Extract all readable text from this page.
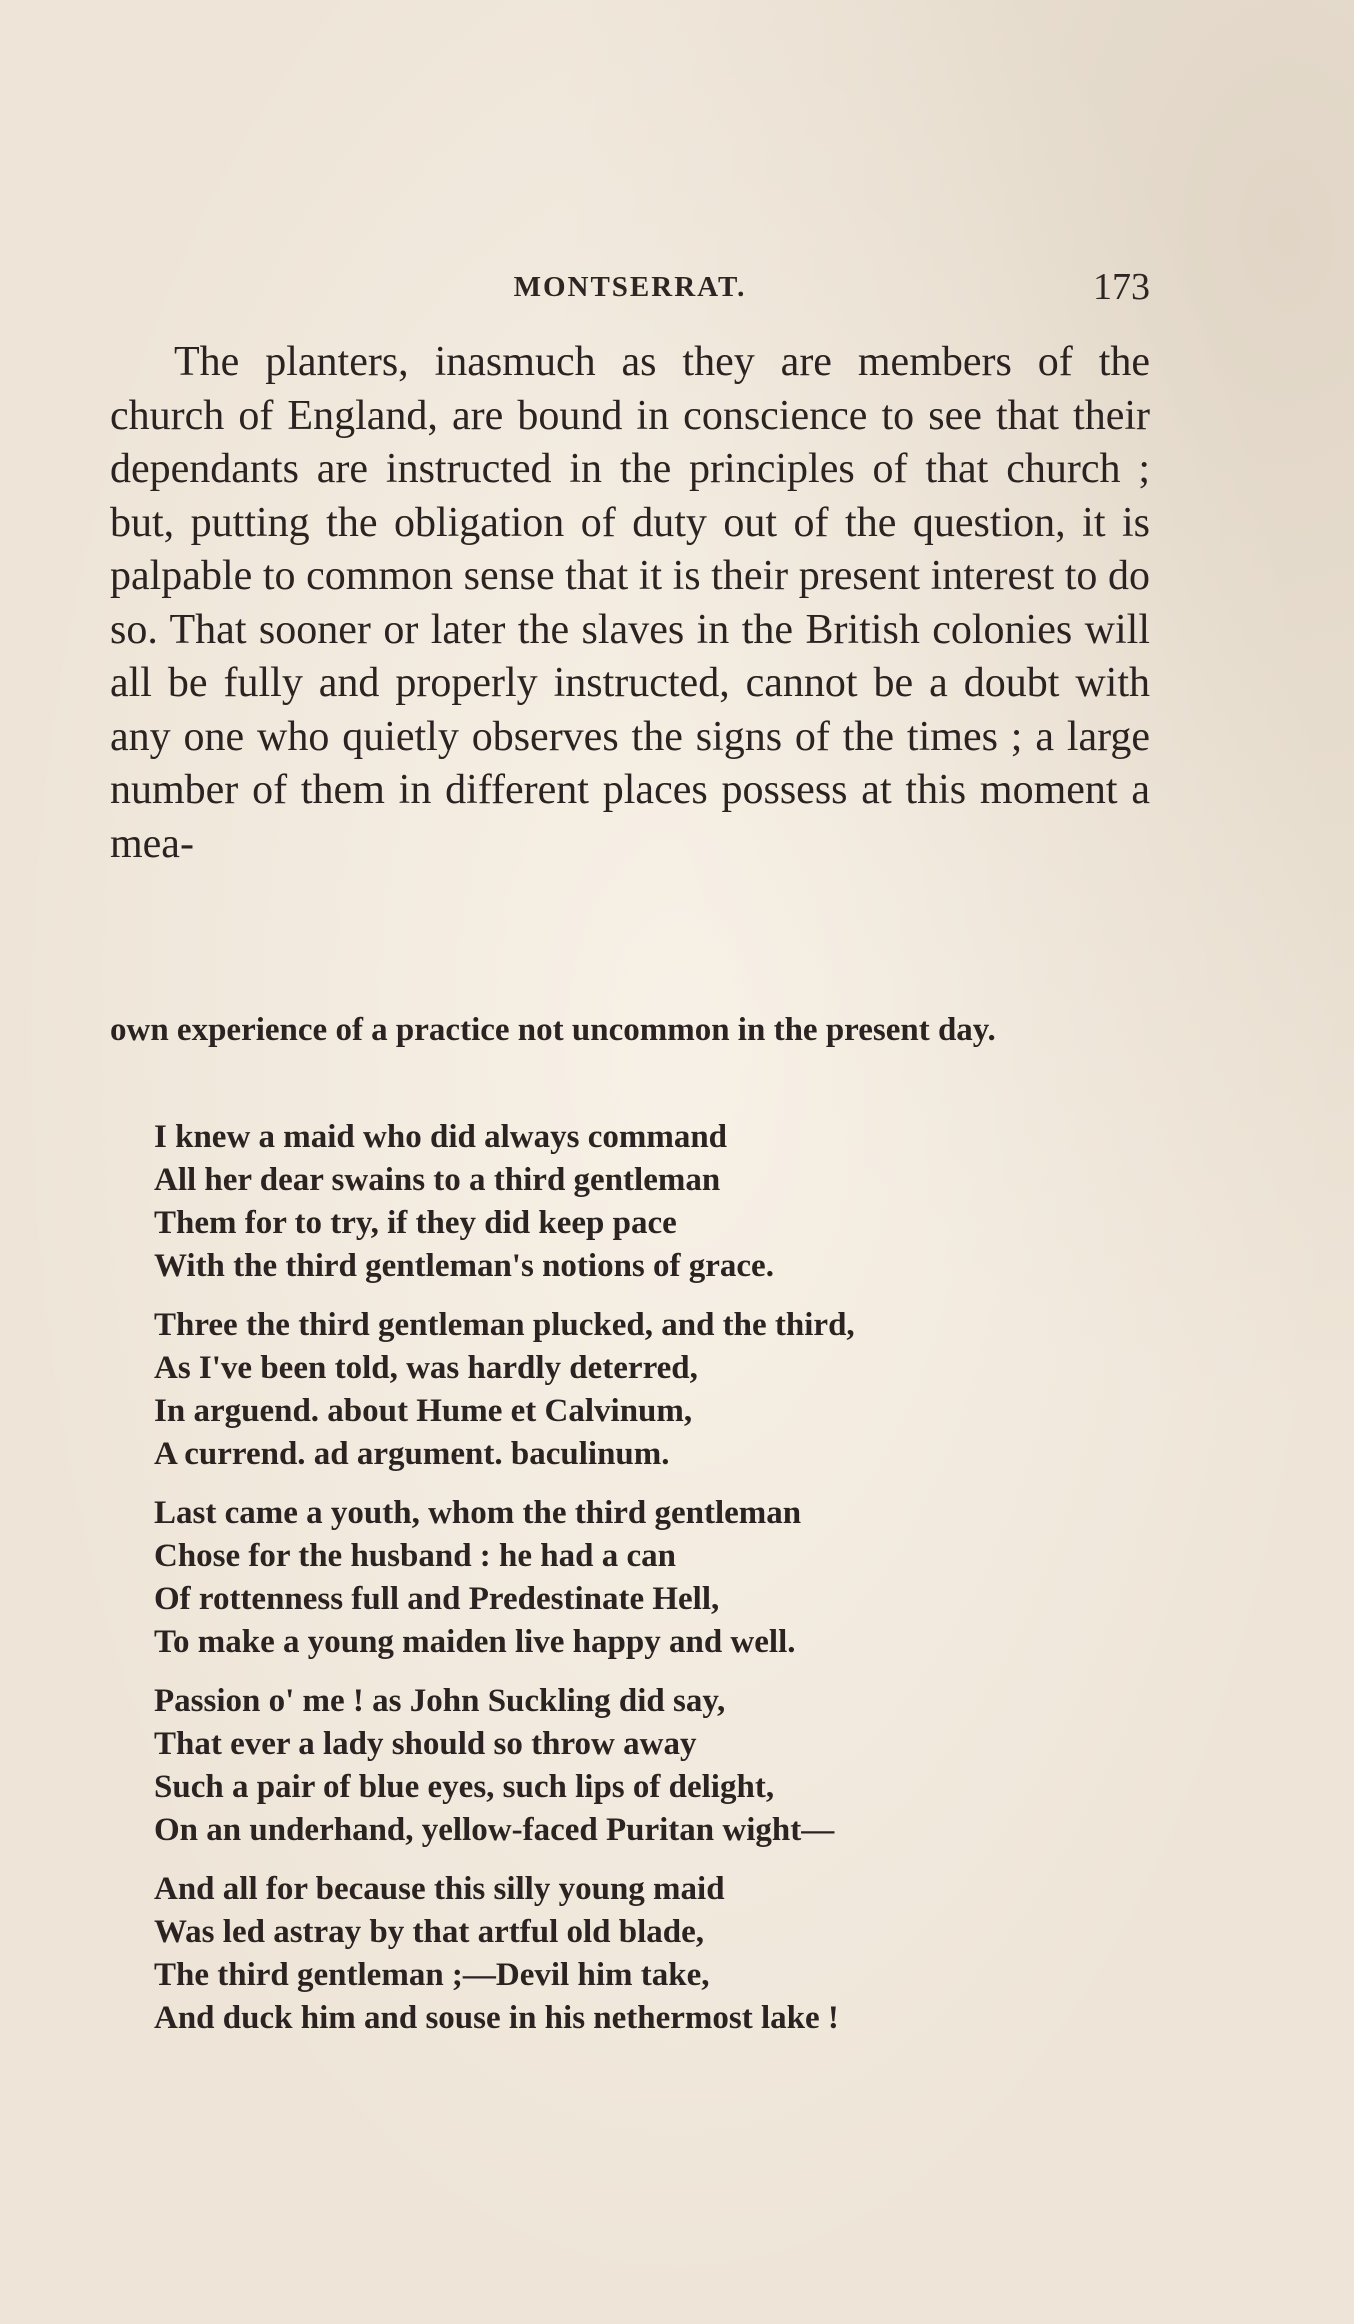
MONTSERRAT.	173

The planters, inasmuch as they are members of the church of England, are bound in conscience to see that their dependants are instructed in the principles of that church ; but, putting the obligation of duty out of the question, it is palpable to common sense that it is their present interest to do so. That sooner or later the slaves in the British colonies will all be fully and properly instructed, cannot be a doubt with any one who quietly observes the signs of the times ; a large number of them in different places possess at this moment a mea-

own experience of a practice not uncommon in the present day.

I knew a maid who did always command
All her dear swains to a third gentleman
Them for to try, if they did keep pace
With the third gentleman's notions of grace.
Three the third gentleman plucked, and the third,
As I've been told, was hardly deterred,
In arguend. about Hume et Calvinum,
A currend. ad argument. baculinum.
Last came a youth, whom the third gentleman
Chose for the husband : he had a can
Of rottenness full and Predestinate Hell,
To make a young maiden live happy and well.
Passion o' me ! as John Suckling did say,
That ever a lady should so throw away
Such a pair of blue eyes, such lips of delight,
On an underhand, yellow-faced Puritan wight—
And all for because this silly young maid
Was led astray by that artful old blade,
The third gentleman ;—Devil him take,
And duck him and souse in his nethermost lake !
